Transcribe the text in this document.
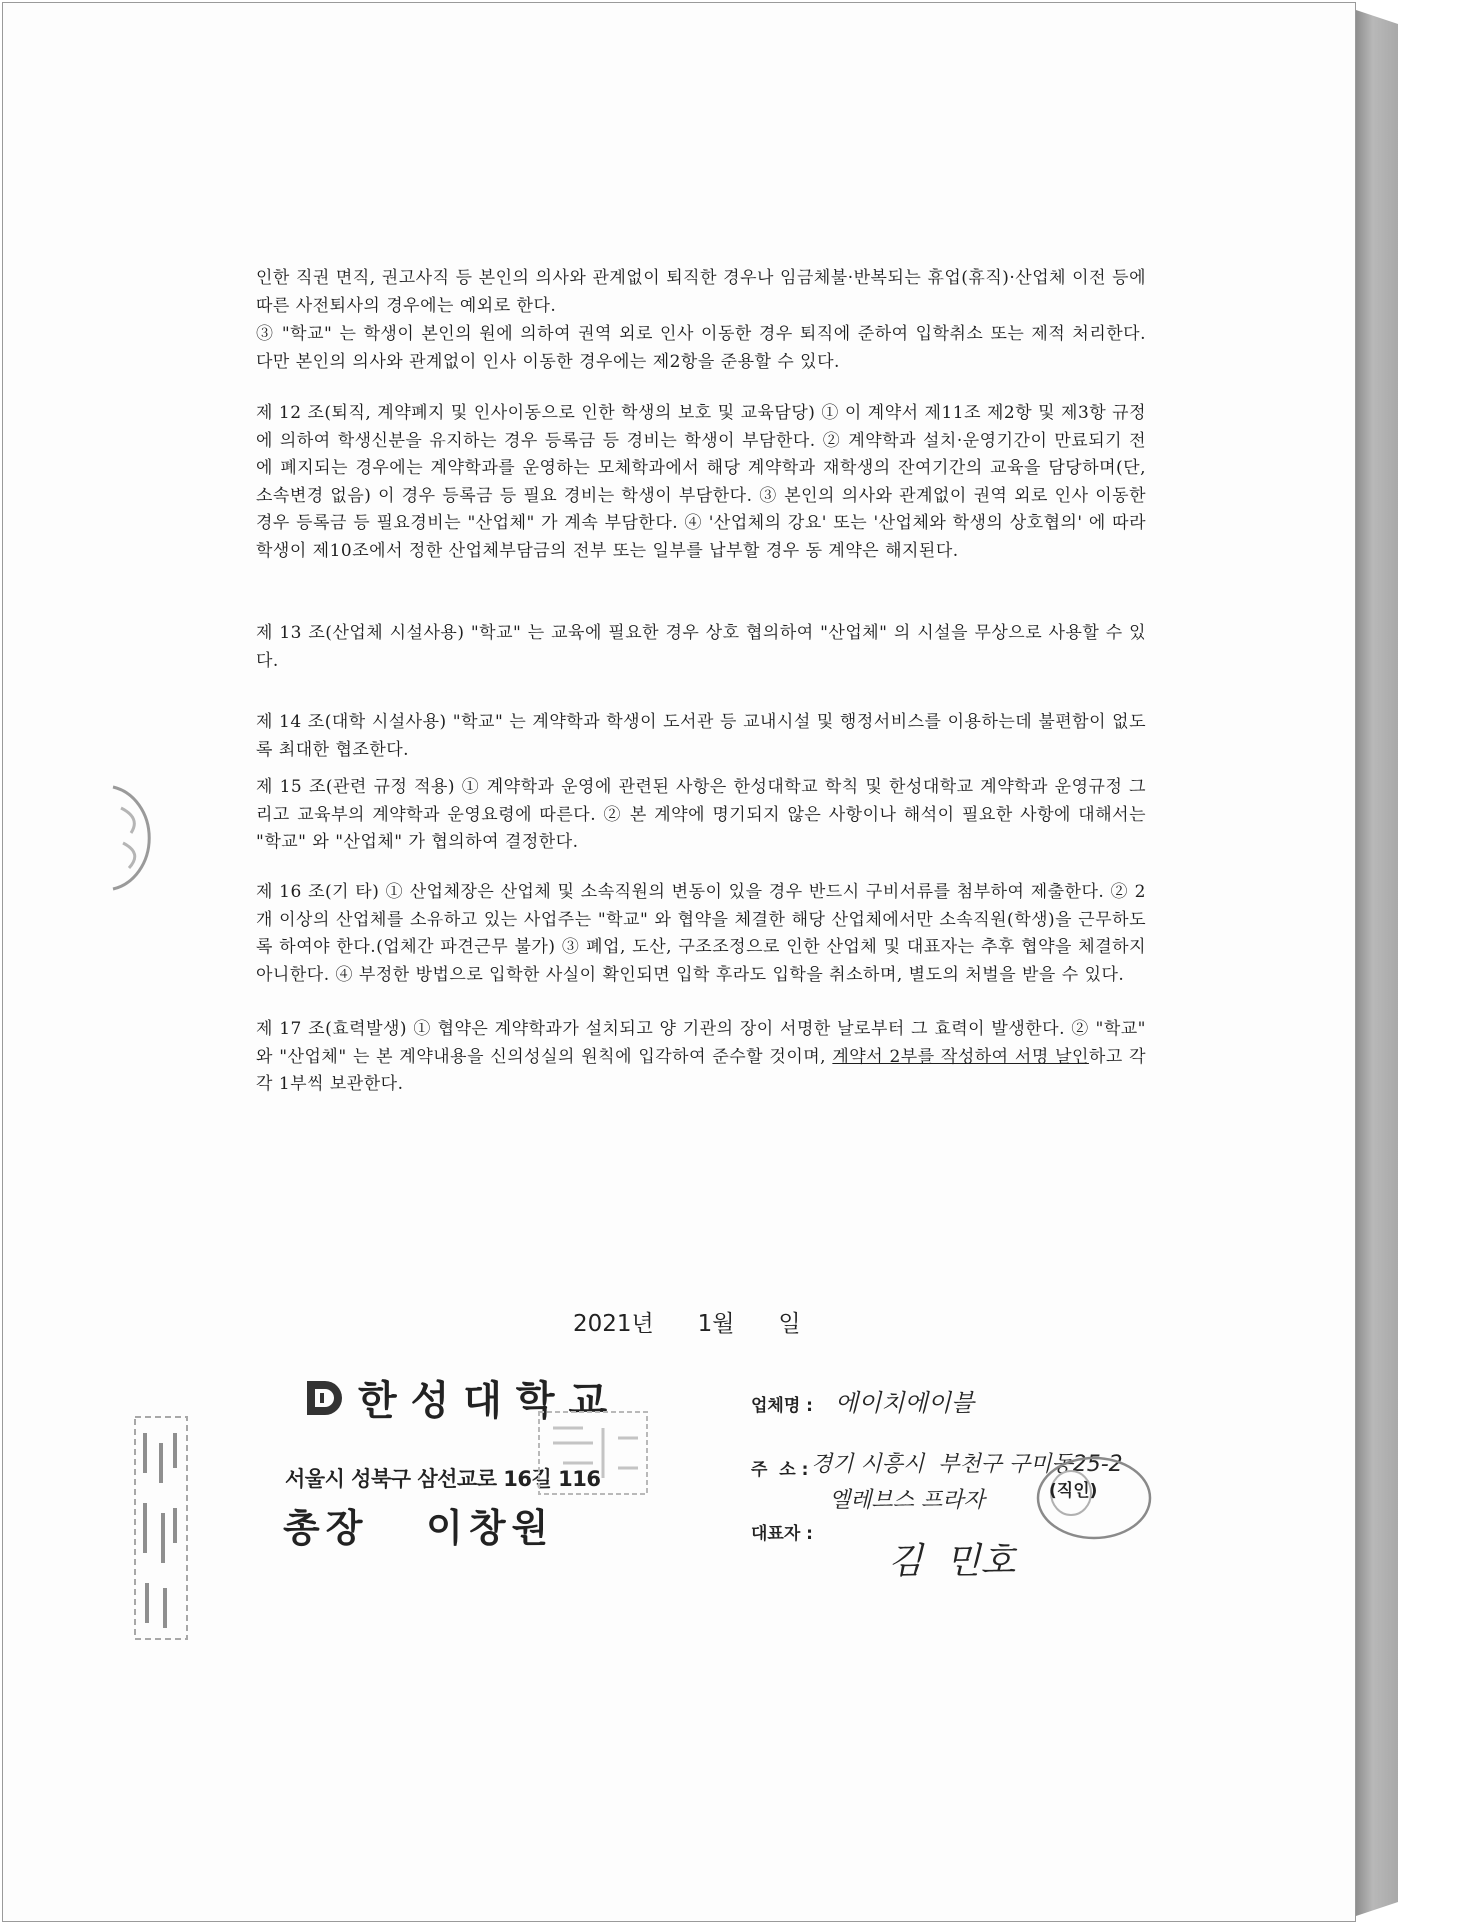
인한 직권 면직, 권고사직 등 본인의 의사와 관계없이 퇴직한 경우나 임금체불·반복되는 휴업(휴직)·산업체 이전 등에 따른 사전퇴사의 경우에는 예외로 한다.

③ "학교" 는 학생이 본인의 원에 의하여 권역 외로 인사 이동한 경우 퇴직에 준하여 입학취소 또는 제적 처리한다. 다만 본인의 의사와 관계없이 인사 이동한 경우에는 제2항을 준용할 수 있다.

제 12 조(퇴직, 계약폐지 및 인사이동으로 인한 학생의 보호 및 교육담당) ① 이 계약서 제11조 제2항 및 제3항 규정에 의하여 학생신분을 유지하는 경우 등록금 등 경비는 학생이 부담한다. ② 계약학과 설치·운영기간이 만료되기 전에 폐지되는 경우에는 계약학과를 운영하는 모체학과에서 해당 계약학과 재학생의 잔여기간의 교육을 담당하며(단, 소속변경 없음) 이 경우 등록금 등 필요 경비는 학생이 부담한다. ③ 본인의 의사와 관계없이 권역 외로 인사 이동한 경우 등록금 등 필요경비는 "산업체" 가 계속 부담한다. ④ '산업체의 강요' 또는 '산업체와 학생의 상호협의' 에 따라 학생이 제10조에서 정한 산업체부담금의 전부 또는 일부를 납부할 경우 동 계약은 해지된다.

제 13 조(산업체 시설사용) "학교" 는 교육에 필요한 경우 상호 협의하여 "산업체" 의 시설을 무상으로 사용할 수 있다.

제 14 조(대학 시설사용) "학교" 는 계약학과 학생이 도서관 등 교내시설 및 행정서비스를 이용하는데 불편함이 없도록 최대한 협조한다.

제 15 조(관련 규정 적용) ① 계약학과 운영에 관련된 사항은 한성대학교 학칙 및 한성대학교 계약학과 운영규정 그리고 교육부의 계약학과 운영요령에 따른다. ② 본 계약에 명기되지 않은 사항이나 해석이 필요한 사항에 대해서는 "학교" 와 "산업체" 가 협의하여 결정한다.

제 16 조(기 타) ① 산업체장은 산업체 및 소속직원의 변동이 있을 경우 반드시 구비서류를 첨부하여 제출한다. ② 2개 이상의 산업체를 소유하고 있는 사업주는 "학교" 와 협약을 체결한 해당 산업체에서만 소속직원(학생)을 근무하도록 하여야 한다.(업체간 파견근무 불가) ③ 폐업, 도산, 구조조정으로 인한 산업체 및 대표자는 추후 협약을 체결하지 아니한다. ④ 부정한 방법으로 입학한 사실이 확인되면 입학 후라도 입학을 취소하며, 별도의 처벌을 받을 수 있다.

제 17 조(효력발생) ① 협약은 계약학과가 설치되고 양 기관의 장이 서명한 날로부터 그 효력이 발생한다. ② "학교" 와 "산업체" 는 본 계약내용을 신의성실의 원칙에 입각하여 준수할 것이며, 계약서 2부를 작성하여 서명 날인하고 각각 1부씩 보관한다.

2021년 1월 일
한성대학교
서울시 성북구 삼선교로 16길 116
총장   이창원
업체명 : 에이치에이블
주  소 : 경기 시흥시  부천구 구미동25-2
엘레브스 프라자
대표자 :
김  민호
(직인)
